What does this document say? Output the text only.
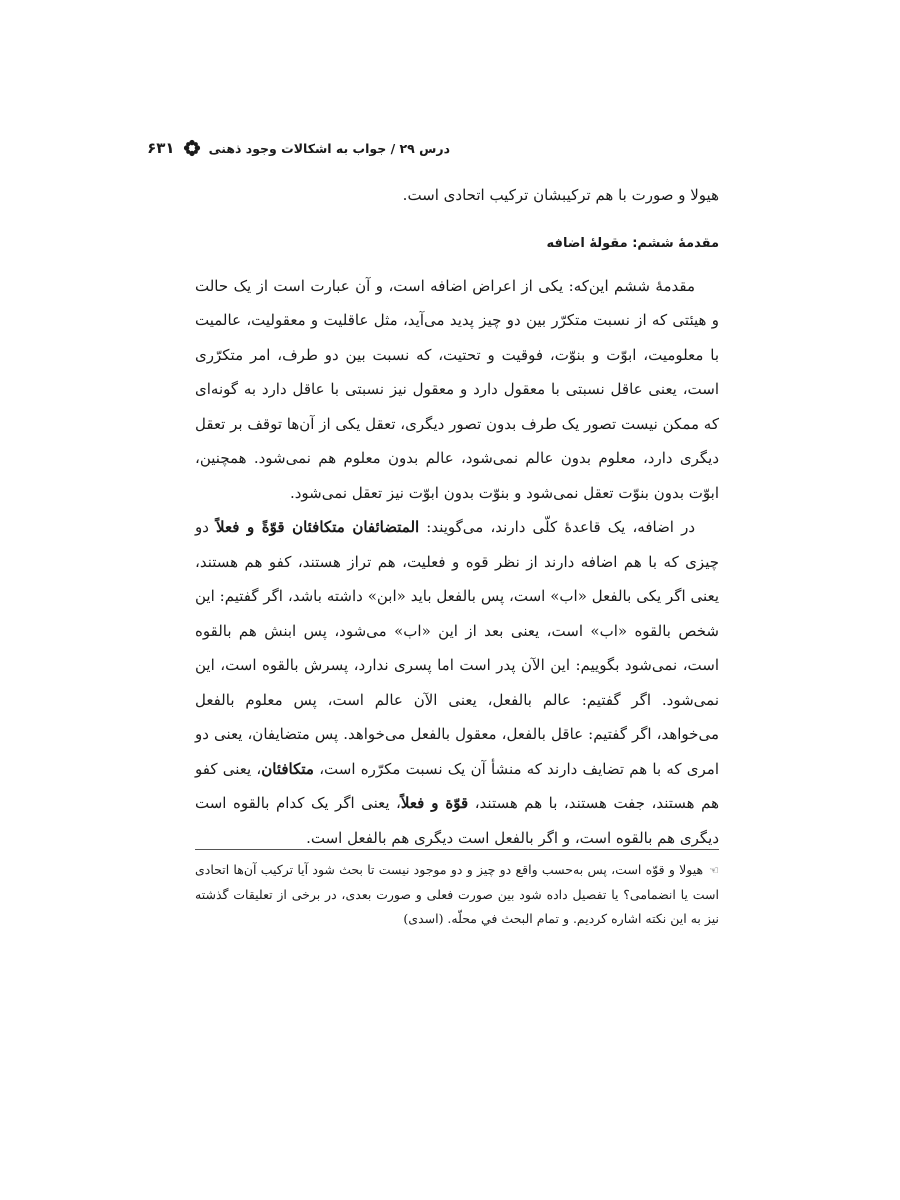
درس ۲۹ / جواب به اشکالات وجود ذهنی
۶۳۱

هیولا و صورت با هم ترکیبشان ترکیب اتحادی است.

مقدمهٔ ششم: مقولهٔ اضافه

مقدمهٔ ششم این‌که: یکی از اعراض اضافه است، و آن عبارت است از یک حالت و هیئتی که از نسبت متکرّر بین دو چیز پدید می‌آید، مثل عاقلیت و معقولیت، عالمیت با معلومیت، ابوّت و بنوّت، فوقیت و تحتیت، که نسبت بین دو طرف، امر متکرّری است، یعنی عاقل نسبتی با معقول دارد و معقول نیز نسبتی با عاقل دارد به گونه‌ای که ممکن نیست تصور یک طرف بدون تصور دیگری، تعقل یکی از آن‌ها توقف بر تعقل دیگری دارد، معلوم بدون عالم نمی‌شود، عالم بدون معلوم هم نمی‌شود. همچنین، ابوّت بدون بنوّت تعقل نمی‌شود و بنوّت بدون ابوّت نیز تعقل نمی‌شود.

در اضافه، یک قاعدهٔ کلّی دارند، می‌گویند: المتضائفان متکافئان قوّةً و فعلاً دو چیزی که با هم اضافه دارند از نظر قوه و فعلیت، هم تراز هستند، کفو هم هستند، یعنی اگر یکی بالفعل «اب» است، پس بالفعل باید «ابن» داشته باشد، اگر گفتیم: این شخص بالقوه «اب» است، یعنی بعد از این «اب» می‌شود، پس ابنش هم بالقوه است، نمی‌شود بگوییم: این الآن پدر است اما پسری ندارد، پسرش بالقوه است، این نمی‌شود. اگر گفتیم: عالم بالفعل، یعنی الآن عالم است، پس معلوم بالفعل می‌خواهد، اگر گفتیم: عاقل بالفعل، معقول بالفعل می‌خواهد. پس متضایفان، یعنی دو امری که با هم تضایف دارند که منشأ آن یک نسبت مکرّره است، متکافئان، یعنی کفو هم هستند، جفت هستند، با هم هستند، قوّة و فعلاً، یعنی اگر یک کدام بالقوه است دیگری هم بالقوه است، و اگر بالفعل است دیگری هم بالفعل است.

☜هیولا و قوّه است، پس به‌حسب واقع دو چیز و دو موجود نیست تا بحث شود آیا ترکیب آن‌ها اتحادی است یا انضمامی؟ یا تفصیل داده شود بین صورت فعلی و صورت بعدی، در برخی از تعلیقات گذشته نیز به این نکته اشاره کردیم. و تمام البحث في محلّه. (اسدی)
